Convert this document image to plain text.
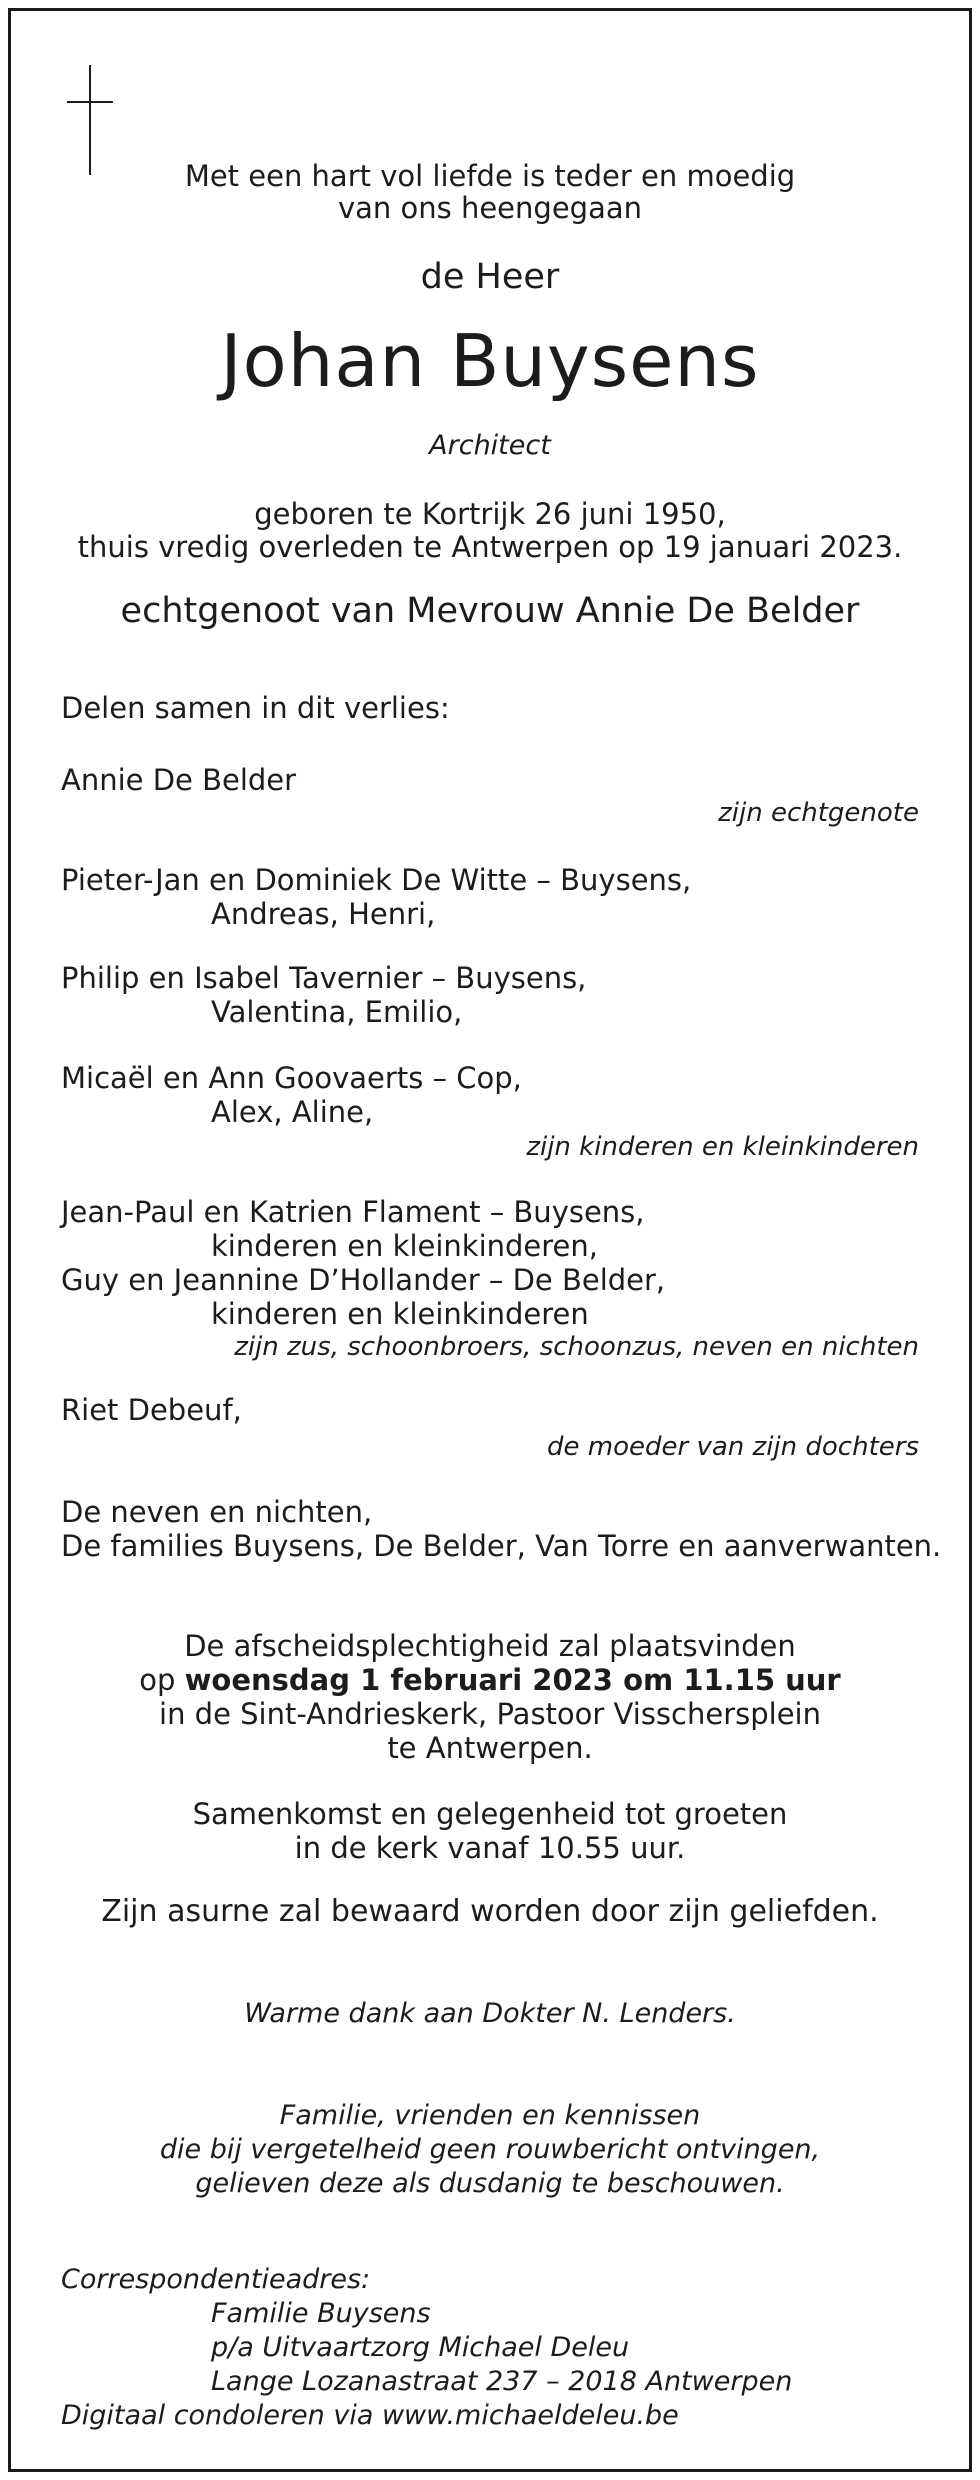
Met een hart vol liefde is teder en moedig
van ons heengegaan
de Heer
Johan Buysens
Architect
geboren te Kortrijk 26 juni 1950,
thuis vredig overleden te Antwerpen op 19 januari 2023.
echtgenoot van Mevrouw Annie De Belder
Delen samen in dit verlies:
Annie De Belder
zijn echtgenote
Pieter-Jan en Dominiek De Witte – Buysens,
Andreas, Henri,
Philip en Isabel Tavernier – Buysens,
Valentina, Emilio,
Micaël en Ann Goovaerts – Cop,
Alex, Aline,
zijn kinderen en kleinkinderen
Jean-Paul en Katrien Flament – Buysens,
kinderen en kleinkinderen,
Guy en Jeannine D’Hollander – De Belder,
kinderen en kleinkinderen
zijn zus, schoonbroers, schoonzus, neven en nichten
Riet Debeuf,
de moeder van zijn dochters
De neven en nichten,
De families Buysens, De Belder, Van Torre en aanverwanten.
De afscheidsplechtigheid zal plaatsvinden
op woensdag 1 februari 2023 om 11.15 uur
in de Sint-Andrieskerk, Pastoor Visschersplein
te Antwerpen.
Samenkomst en gelegenheid tot groeten
in de kerk vanaf 10.55 uur.
Zijn asurne zal bewaard worden door zijn geliefden.
Warme dank aan Dokter N. Lenders.
Familie, vrienden en kennissen
die bij vergetelheid geen rouwbericht ontvingen,
gelieven deze als dusdanig te beschouwen.
Correspondentieadres:
Familie Buysens
p/a Uitvaartzorg Michael Deleu
Lange Lozanastraat 237 – 2018 Antwerpen
Digitaal condoleren via www.michaeldeleu.be
